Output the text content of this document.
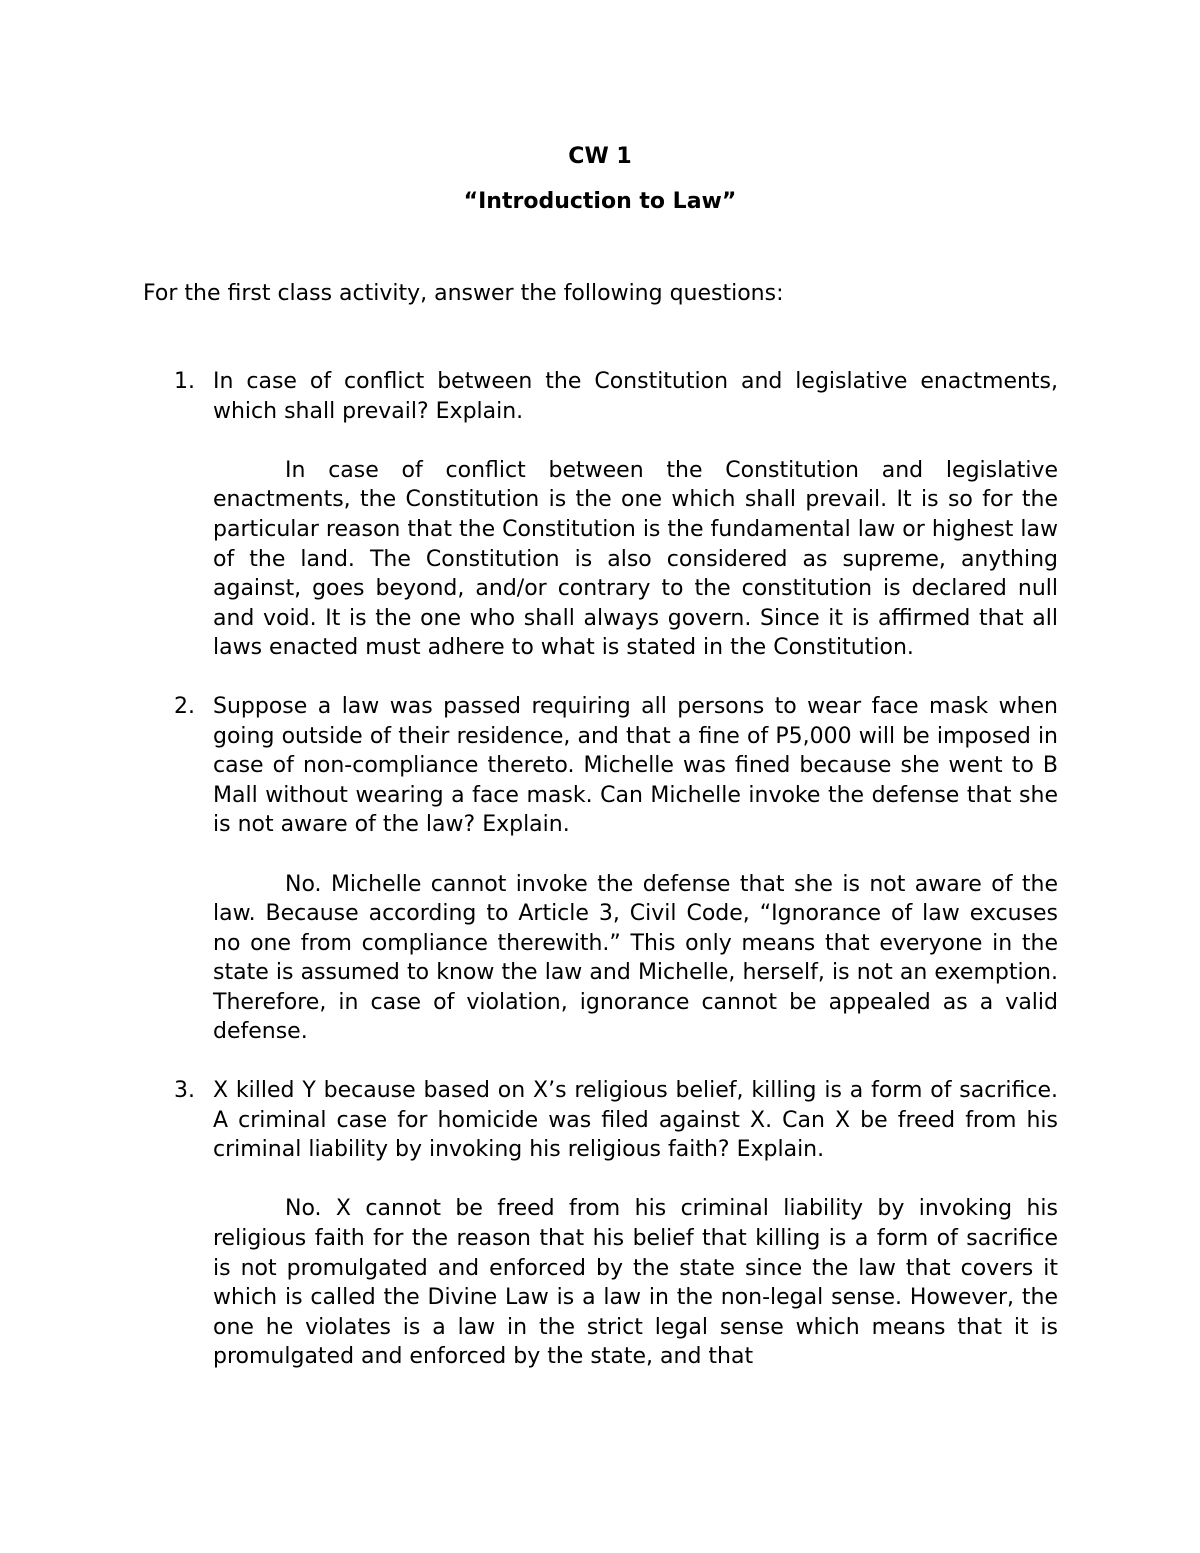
CW 1
“Introduction to Law”

For the first class activity, answer the following questions:

1. In case of conflict between the Constitution and legislative enactments, which shall prevail? Explain.

In case of conflict between the Constitution and legislative enactments, the Constitution is the one which shall prevail. It is so for the particular reason that the Constitution is the fundamental law or highest law of the land. The Constitution is also considered as supreme, anything against, goes beyond, and/or contrary to the constitution is declared null and void. It is the one who shall always govern. Since it is affirmed that all laws enacted must adhere to what is stated in the Constitution.

2. Suppose a law was passed requiring all persons to wear face mask when going outside of their residence, and that a fine of P5,000 will be imposed in case of non-compliance thereto. Michelle was fined because she went to B Mall without wearing a face mask. Can Michelle invoke the defense that she is not aware of the law? Explain.

No. Michelle cannot invoke the defense that she is not aware of the law. Because according to Article 3, Civil Code, “Ignorance of law excuses no one from compliance therewith.” This only means that everyone in the state is assumed to know the law and Michelle, herself, is not an exemption. Therefore, in case of violation, ignorance cannot be appealed as a valid defense.

3. X killed Y because based on X’s religious belief, killing is a form of sacrifice. A criminal case for homicide was filed against X. Can X be freed from his criminal liability by invoking his religious faith? Explain.

No. X cannot be freed from his criminal liability by invoking his religious faith for the reason that his belief that killing is a form of sacrifice is not promulgated and enforced by the state since the law that covers it which is called the Divine Law is a law in the non-legal sense. However, the one he violates is a law in the strict legal sense which means that it is promulgated and enforced by the state, and that
